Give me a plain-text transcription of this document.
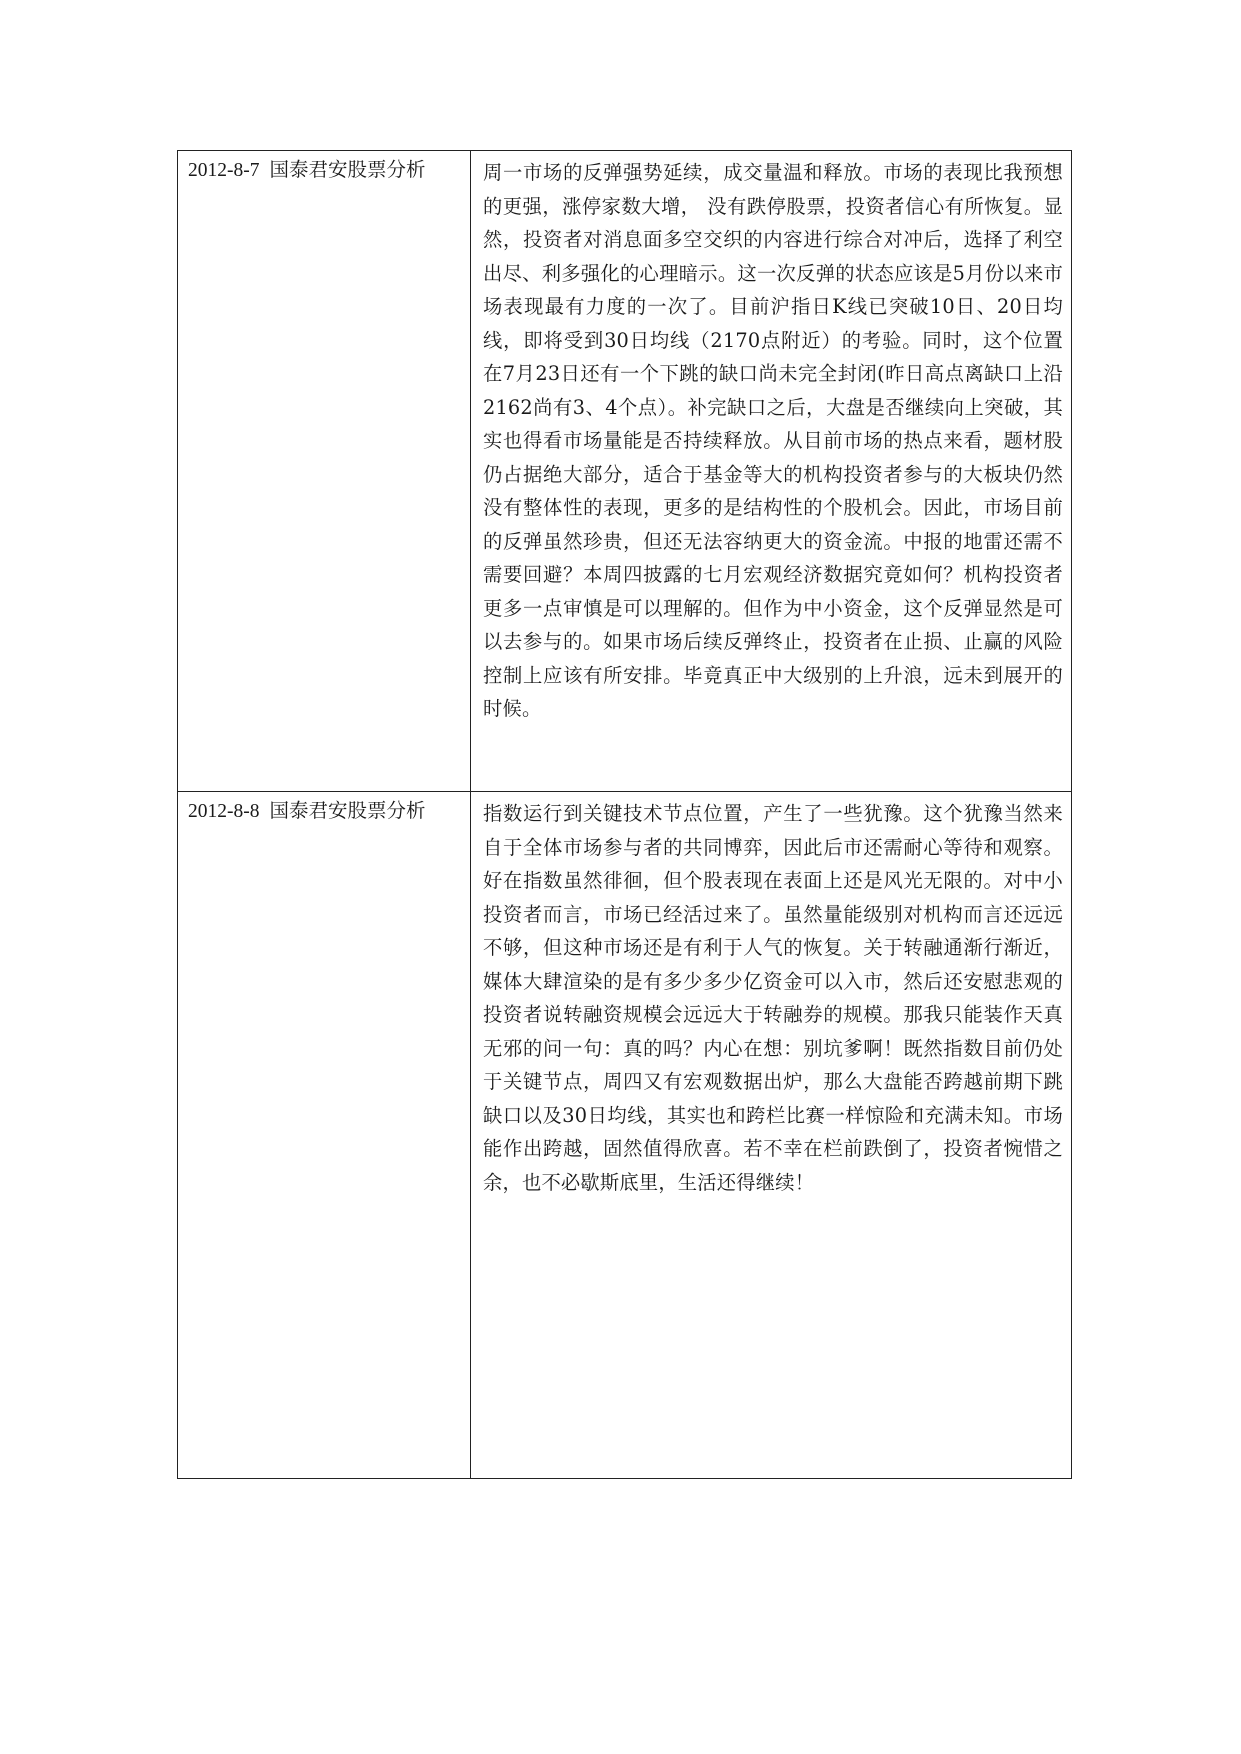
2012-8-7 国泰君安股票分析	周一市场的反弹强势延续，成交量温和释放。市场的表现比我预想的更强，涨停家数大增， 没有跌停股票，投资者信心有所恢复。显然，投资者对消息面多空交织的内容进行综合对冲后，选择了利空出尽、利多强化的心理暗示。这一次反弹的状态应该是5月份以来市场表现最有力度的一次了。目前沪指日K线已突破10日、20日均线，即将受到30日均线（2170点附近）的考验。同时，这个位置在7月23日还有一个下跳的缺口尚未完全封闭(昨日高点离缺口上沿2162尚有3、4个点）。补完缺口之后，大盘是否继续向上突破，其实也得看市场量能是否持续释放。从目前市场的热点来看，题材股仍占据绝大部分，适合于基金等大的机构投资者参与的大板块仍然没有整体性的表现，更多的是结构性的个股机会。因此，市场目前的反弹虽然珍贵，但还无法容纳更大的资金流。中报的地雷还需不需要回避？本周四披露的七月宏观经济数据究竟如何？机构投资者更多一点审慎是可以理解的。但作为中小资金，这个反弹显然是可以去参与的。如果市场后续反弹终止，投资者在止损、止赢的风险控制上应该有所安排。毕竟真正中大级别的上升浪，远未到展开的时候。

2012-8-8 国泰君安股票分析	指数运行到关键技术节点位置，产生了一些犹豫。这个犹豫当然来自于全体市场参与者的共同博弈，因此后市还需耐心等待和观察。好在指数虽然徘徊，但个股表现在表面上还是风光无限的。对中小投资者而言，市场已经活过来了。虽然量能级别对机构而言还远远不够，但这种市场还是有利于人气的恢复。关于转融通渐行渐近，媒体大肆渲染的是有多少多少亿资金可以入市，然后还安慰悲观的投资者说转融资规模会远远大于转融券的规模。那我只能装作天真无邪的问一句：真的吗？内心在想：别坑爹啊！既然指数目前仍处于关键节点，周四又有宏观数据出炉，那么大盘能否跨越前期下跳缺口以及30日均线，其实也和跨栏比赛一样惊险和充满未知。市场能作出跨越，固然值得欣喜。若不幸在栏前跌倒了，投资者惋惜之余，也不必歇斯底里，生活还得继续！
